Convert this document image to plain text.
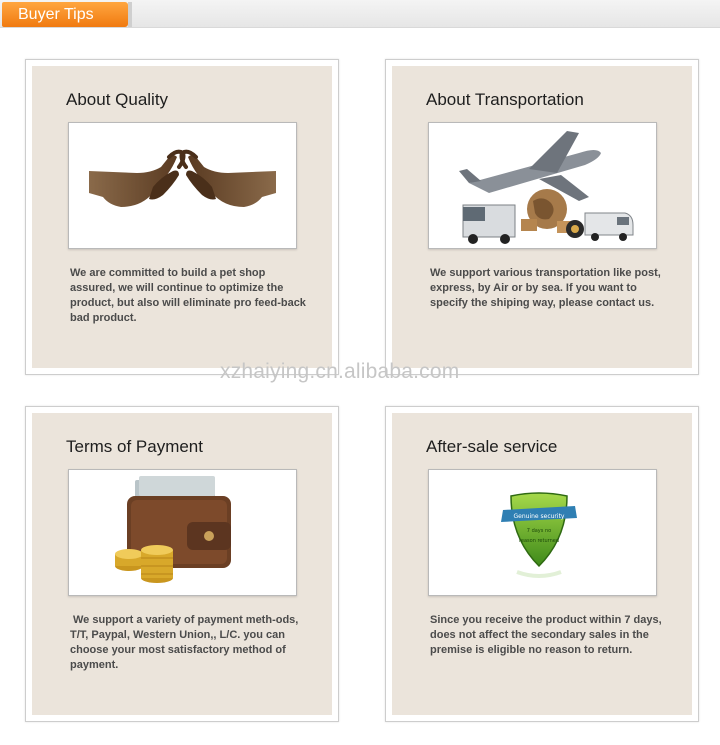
Buyer Tips
About Quality
We are committed to build a pet shop assured, we will continue to optimize the product, but also will eliminate pro feed-back bad product.
About Transportation
We support various transportation like post, express, by Air or by sea. If you want to specify the shiping way, please contact us.
Terms of Payment
We support a variety of payment meth-ods, T/T, Paypal, Western Union,, L/C. you can choose your most satisfactory method of payment.
After-sale service
Genuine security
7 days no
reason returned
Since you receive the product within 7 days, does not affect the secondary sales in the premise is eligible no reason to return.
xzhaiying.cn.alibaba.com
